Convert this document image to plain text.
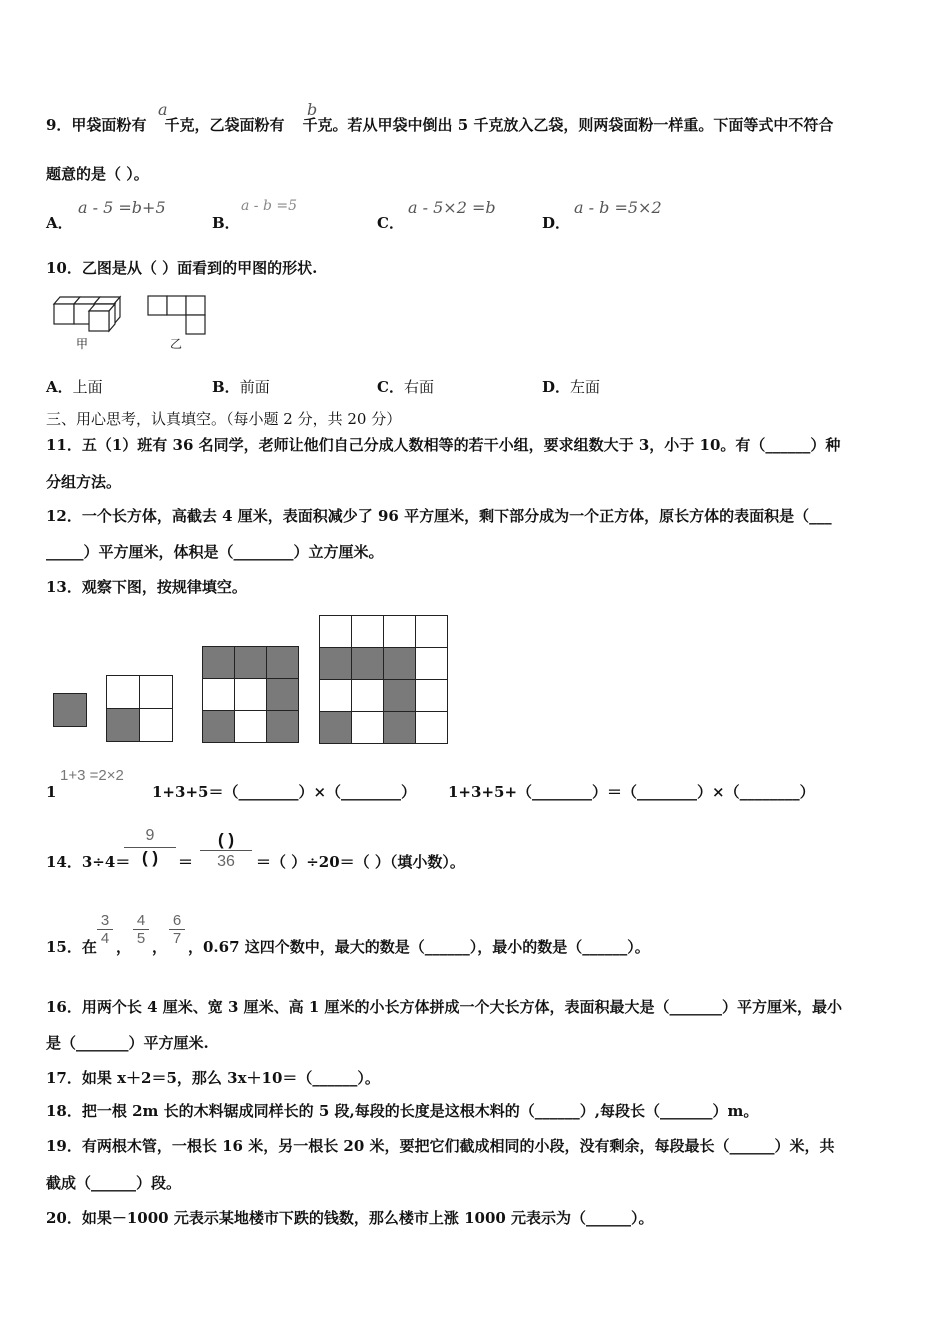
9．甲袋面粉有 千克，乙袋面粉有 千克。若从甲袋中倒出 5 千克放入乙袋，则两袋面粉一样重。下面等式中不符合
a	b
题意的是（ ）。
A．
a - 5 =b+5
B．
a - b =5
C．
a - 5×2 =b
D．
a - b =5×2
10．乙图是从（ ）面看到的甲图的形状.
甲	乙
A．上面	B．前面	C．右面	D．左面
三、用心思考，认真填空。（每小题 2 分，共 20 分）
11．五（1）班有 36 名同学，老师让他们自己分成人数相等的若干小组，要求组数大于 3，小于 10。有（______）种
分组方法。
12．一个长方体，高截去 4 厘米，表面积减少了 96 平方厘米，剩下部分成为一个正方体，原长方体的表面积是（___
_____）平方厘米，体积是（________）立方厘米。
13．观察下图，按规律填空。
1
1+3 =2×2
1+3+5＝（________）×（________） 1+3+5+（________）＝（________）×（________）
14．3÷4＝
9
( )	＝
( )
36	＝（ ）÷20＝（ ）（填小数）。
15．在 $\frac{3}{4}$ ， $\frac{4}{5}$ ， $\frac{6}{7}$ ，0.67 这四个数中，最大的数是（______），最小的数是（______）。
16．用两个长 4 厘米、宽 3 厘米、高 1 厘米的小长方体拼成一个大长方体，表面积最大是（_______）平方厘米，最小
是（_______）平方厘米.
17．如果 x＋2＝5，那么 3x＋10＝（______）。
18．把一根 2m 长的木料锯成同样长的 5 段,每段的长度是这根木料的（______）,每段长（_______）m。
19．有两根木管，一根长 16 米，另一根长 20 米，要把它们截成相同的小段，没有剩余，每段最长（______）米，共
截成（______）段。
20．如果－1000 元表示某地楼市下跌的钱数，那么楼市上涨 1000 元表示为（______）。
